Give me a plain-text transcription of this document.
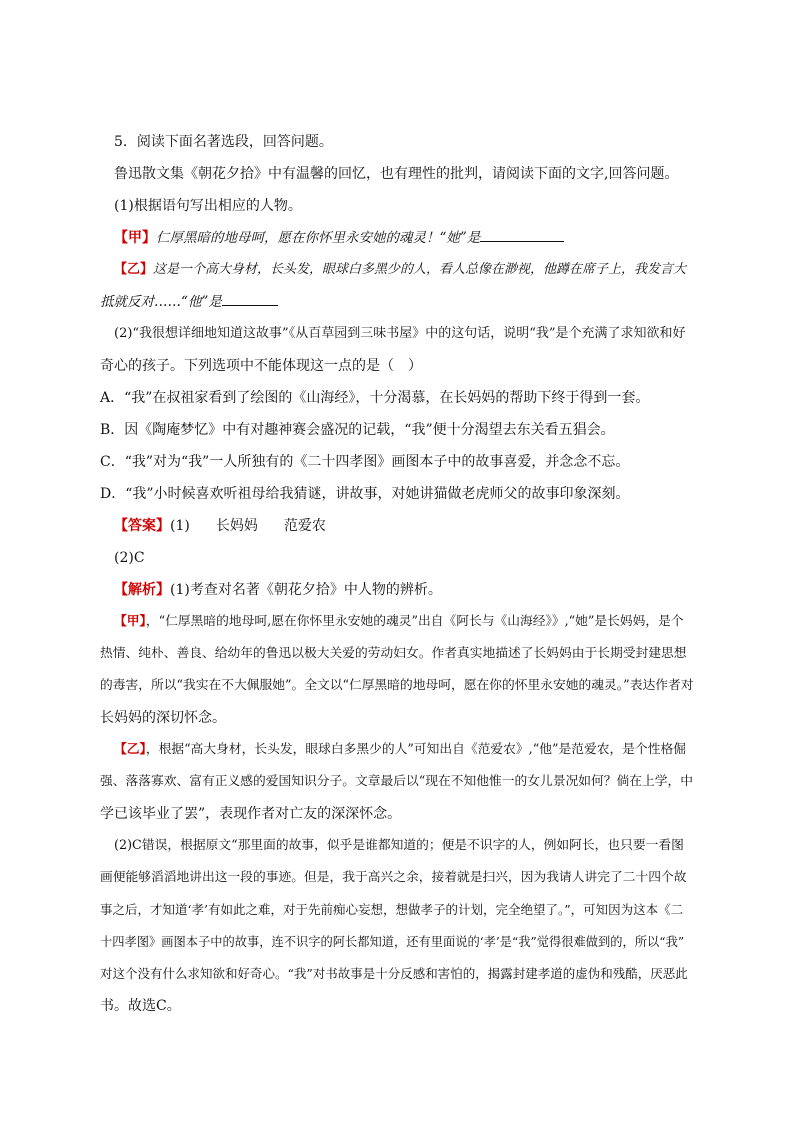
5．阅读下面名著选段，回答问题。
鲁迅散文集《朝花夕拾》中有温馨的回忆，也有理性的批判，请阅读下面的文字,回答问题。
(1)根据语句写出相应的人物。
【甲】仁厚黑暗的地母呵，愿在你怀里永安她的魂灵！“她”是
【乙】这是一个高大身材，长头发，眼球白多黑少的人，看人总像在渺视，他蹲在席子上，我发言大
抵就反对……“他”是
(2)“我很想详细地知道这故事”《从百草园到三味书屋》中的这句话，说明“我”是个充满了求知欲和好
奇心的孩子。下列选项中不能体现这一点的是（　）
A．“我”在叔祖家看到了绘图的《山海经》，十分渴慕，在长妈妈的帮助下终于得到一套。
B．因《陶庵梦忆》中有对趣神赛会盛况的记载，“我”便十分渴望去东关看五猖会。
C．“我”对为“我”一人所独有的《二十四孝图》画图本子中的故事喜爱，并念念不忘。
D．“我”小时候喜欢听祖母给我猜谜，讲故事，对她讲猫做老虎师父的故事印象深刻。
【答案】(1) 长妈妈 范爱农
(2)C
【解析】(1)考查对名著《朝花夕拾》中人物的辨析。
【甲】，“仁厚黑暗的地母呵,愿在你怀里永安她的魂灵”出自《阿长与《山海经》》,“她”是长妈妈，是个
热情、纯朴、善良、给幼年的鲁迅以极大关爱的劳动妇女。作者真实地描述了长妈妈由于长期受封建思想
的毒害，所以“我实在不大佩服她”。全文以“仁厚黑暗的地母呵，愿在你的怀里永安她的魂灵。”表达作者对
长妈妈的深切怀念。
【乙】，根据“高大身材，长头发，眼球白多黑少的人”可知出自《范爱农》,“他”是范爱农，是个性格倔
强、落落寡欢、富有正义感的爱国知识分子。文章最后以“现在不知他惟一的女儿景况如何？倘在上学，中
学已该毕业了罢”，表现作者对亡友的深深怀念。
(2)C错误，根据原文“那里面的故事，似乎是谁都知道的；便是不识字的人，例如阿长，也只要一看图
画便能够滔滔地讲出这一段的事迹。但是，我于高兴之余，接着就是扫兴，因为我请人讲完了二十四个故
事之后，才知道‘孝’有如此之难，对于先前痴心妄想，想做孝子的计划，完全绝望了。”，可知因为这本《二
十四孝图》画图本子中的故事，连不识字的阿长都知道，还有里面说的‘孝’是“我”觉得很难做到的，所以“我”
对这个没有什么求知欲和好奇心。“我”对书故事是十分反感和害怕的，揭露封建孝道的虚伪和残酷，厌恶此
书。故选C。
